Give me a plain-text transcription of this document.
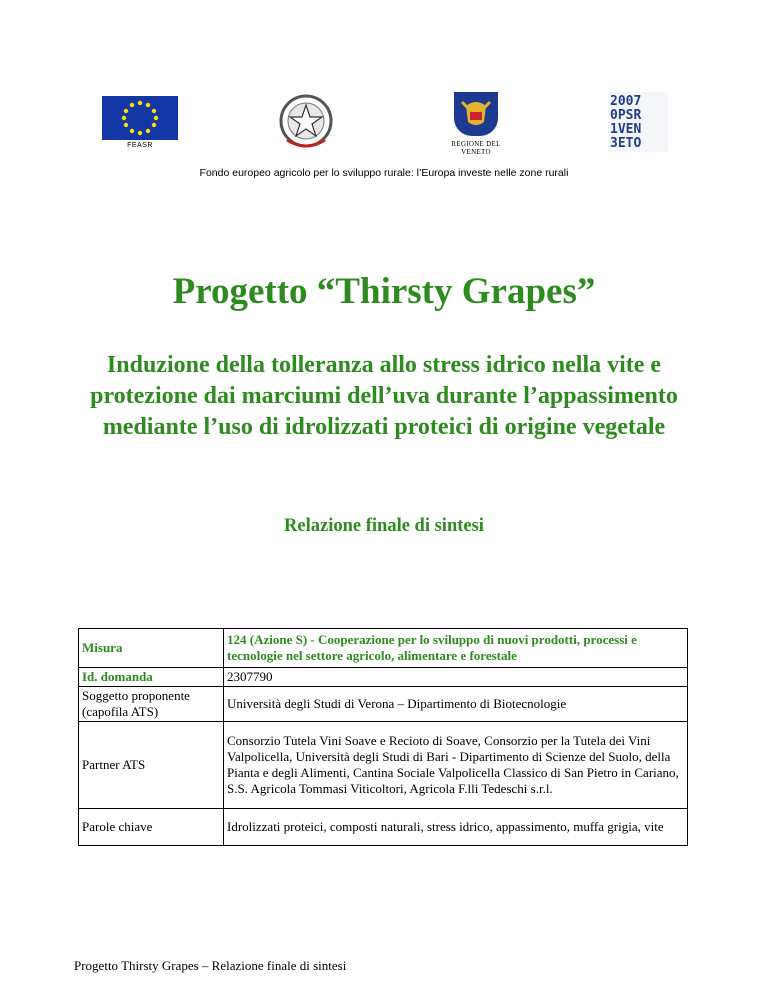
FEASR	REGIONE DEL VENETO
2007
0PSR
1VEN
3ETO
Fondo europeo agricolo per lo sviluppo rurale: l’Europa investe nelle zone rurali
Progetto “Thirsty Grapes”
Induzione della tolleranza allo stress idrico nella vite e protezione dai marciumi dell’uva durante l’appassimento mediante l’uso di idrolizzati proteici di origine vegetale
Relazione finale di sintesi
Misura	124 (Azione S) - Cooperazione per lo sviluppo di nuovi prodotti, processi e tecnologie nel settore agricolo, alimentare e forestale
Id. domanda	2307790
Soggetto proponente (capofila ATS)	Università degli Studi di Verona – Dipartimento di Biotecnologie
Partner ATS	Consorzio Tutela Vini Soave e Recioto di Soave, Consorzio per la Tutela dei Vini Valpolicella, Università degli Studi di Bari - Dipartimento di Scienze del Suolo, della Pianta e degli Alimenti, Cantina Sociale Valpolicella Classico di San Pietro in Cariano, S.S. Agricola Tommasi Viticoltori, Agricola F.lli Tedeschi s.r.l.
Parole chiave	Idrolizzati proteici, composti naturali, stress idrico, appassimento, muffa grigia, vite
Progetto Thirsty Grapes – Relazione finale di sintesi
